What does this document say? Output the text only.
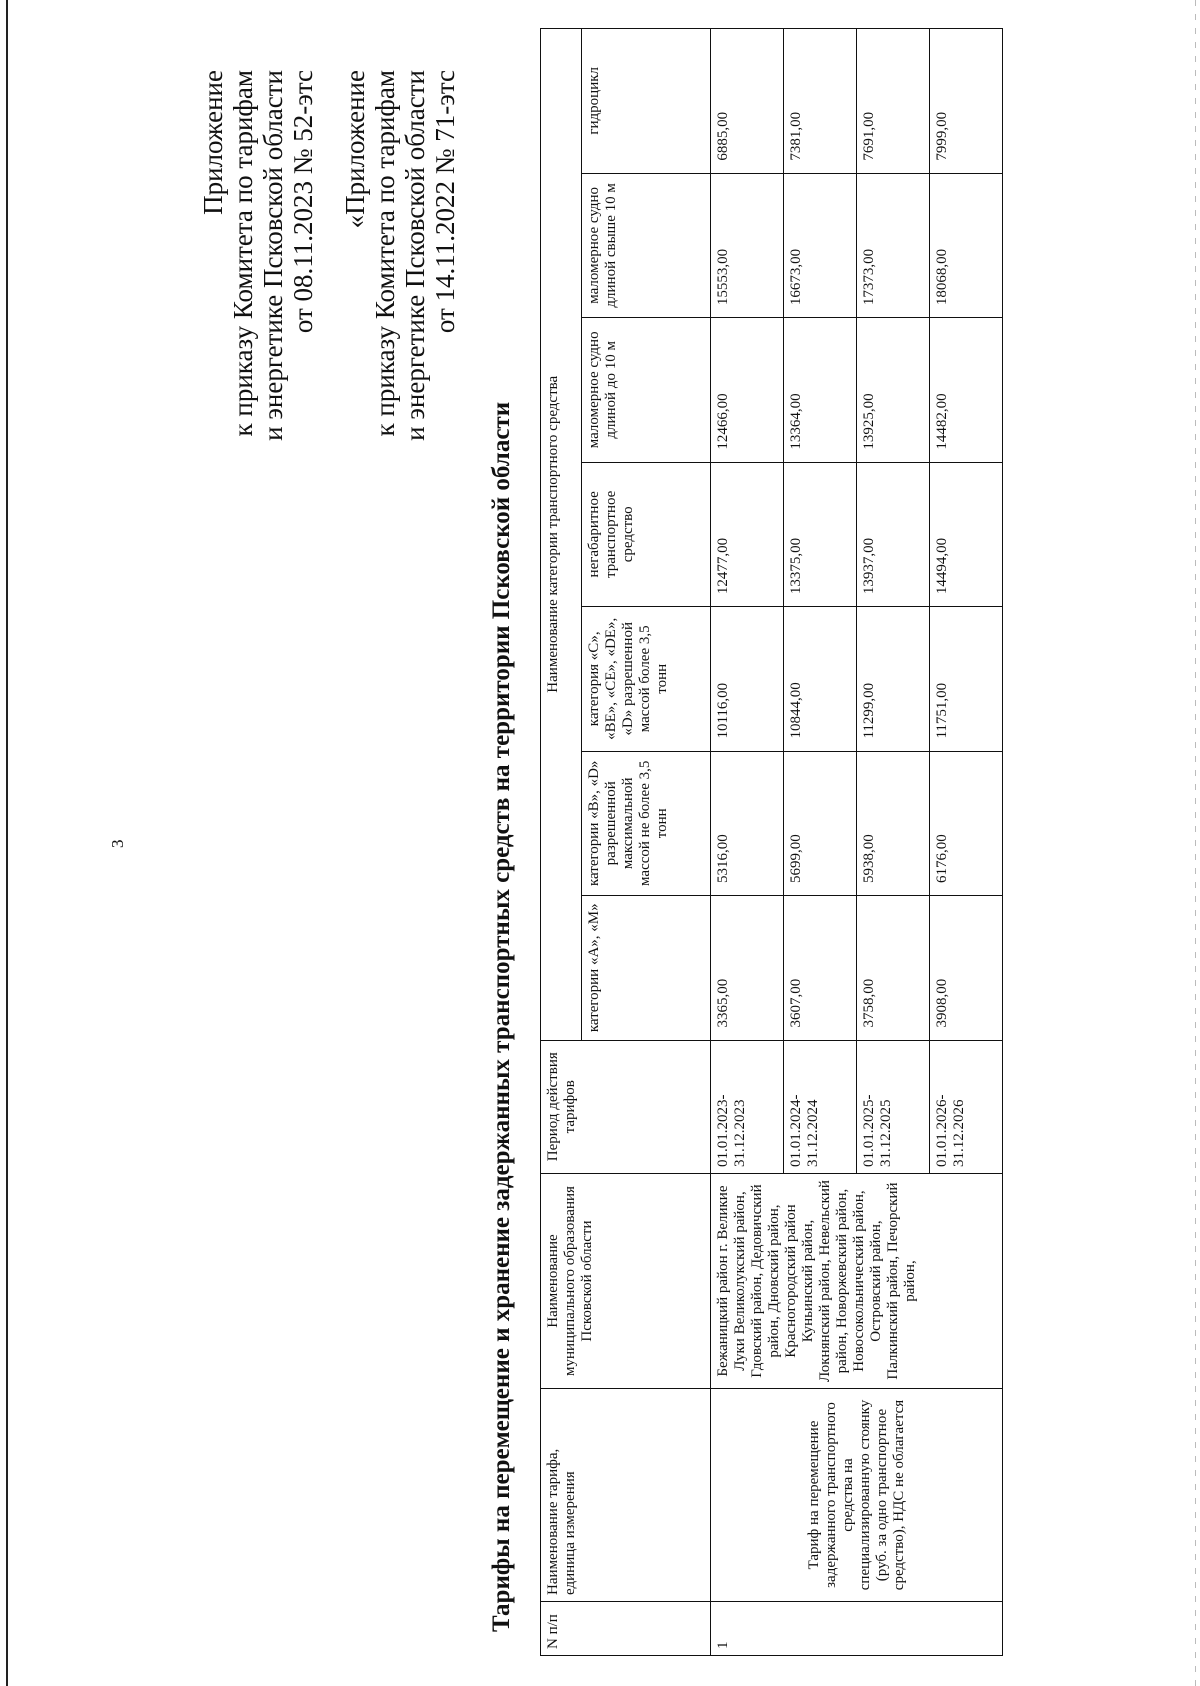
3
Приложение к приказу Комитета по тарифам и энергетике Псковской области от 08.11.2023 № 52-этс «Приложение к приказу Комитета по тарифам и энергетике Псковской области от 14.11.2022 № 71-этс
Тарифы на перемещение и хранение задержанных транспортных средств на территории Псковской области N п/п	Наименование тарифа, единица измерения	Наименование муниципального образования Псковской области	Период действия тарифов	Наименование категории транспортного средства						
				категории «А», «М»	категории «В», «D» разрешенной максимальной массой не более 3,5 тонн	категория «С», «ВЕ», «СЕ», «DE», «D» разрешенной массой более 3,5 тонн	негабаритное транспортное средство	маломерное судно длиной до 10 м	маломерное судно длиной свыше 10 м	гидроцикл
1	Тариф на перемещение задержанного транспортного средства на специализированную стоянку (руб. за одно транспортное средство), НДС не облагается	Бежаницкий район г. Великие Луки Великолукский район, Гдовский район, Дедовичский район, Дновский район, Красногородский район Куньинский район, Локнянский район, Невельский район, Новоржевский район, Новосокольнический район, Островский район, Палкинский район, Печорский район,	01.01.2023-31.12.2023	3365,00	5316,00	10116,00	12477,00	12466,00	15553,00	6885,00
			01.01.2024-31.12.2024	3607,00	5699,00	10844,00	13375,00	13364,00	16673,00	7381,00
			01.01.2025-31.12.2025	3758,00	5938,00	11299,00	13937,00	13925,00	17373,00	7691,00
			01.01.2026-31.12.2026	3908,00	6176,00	11751,00	14494,00	14482,00	18068,00	7999,00
